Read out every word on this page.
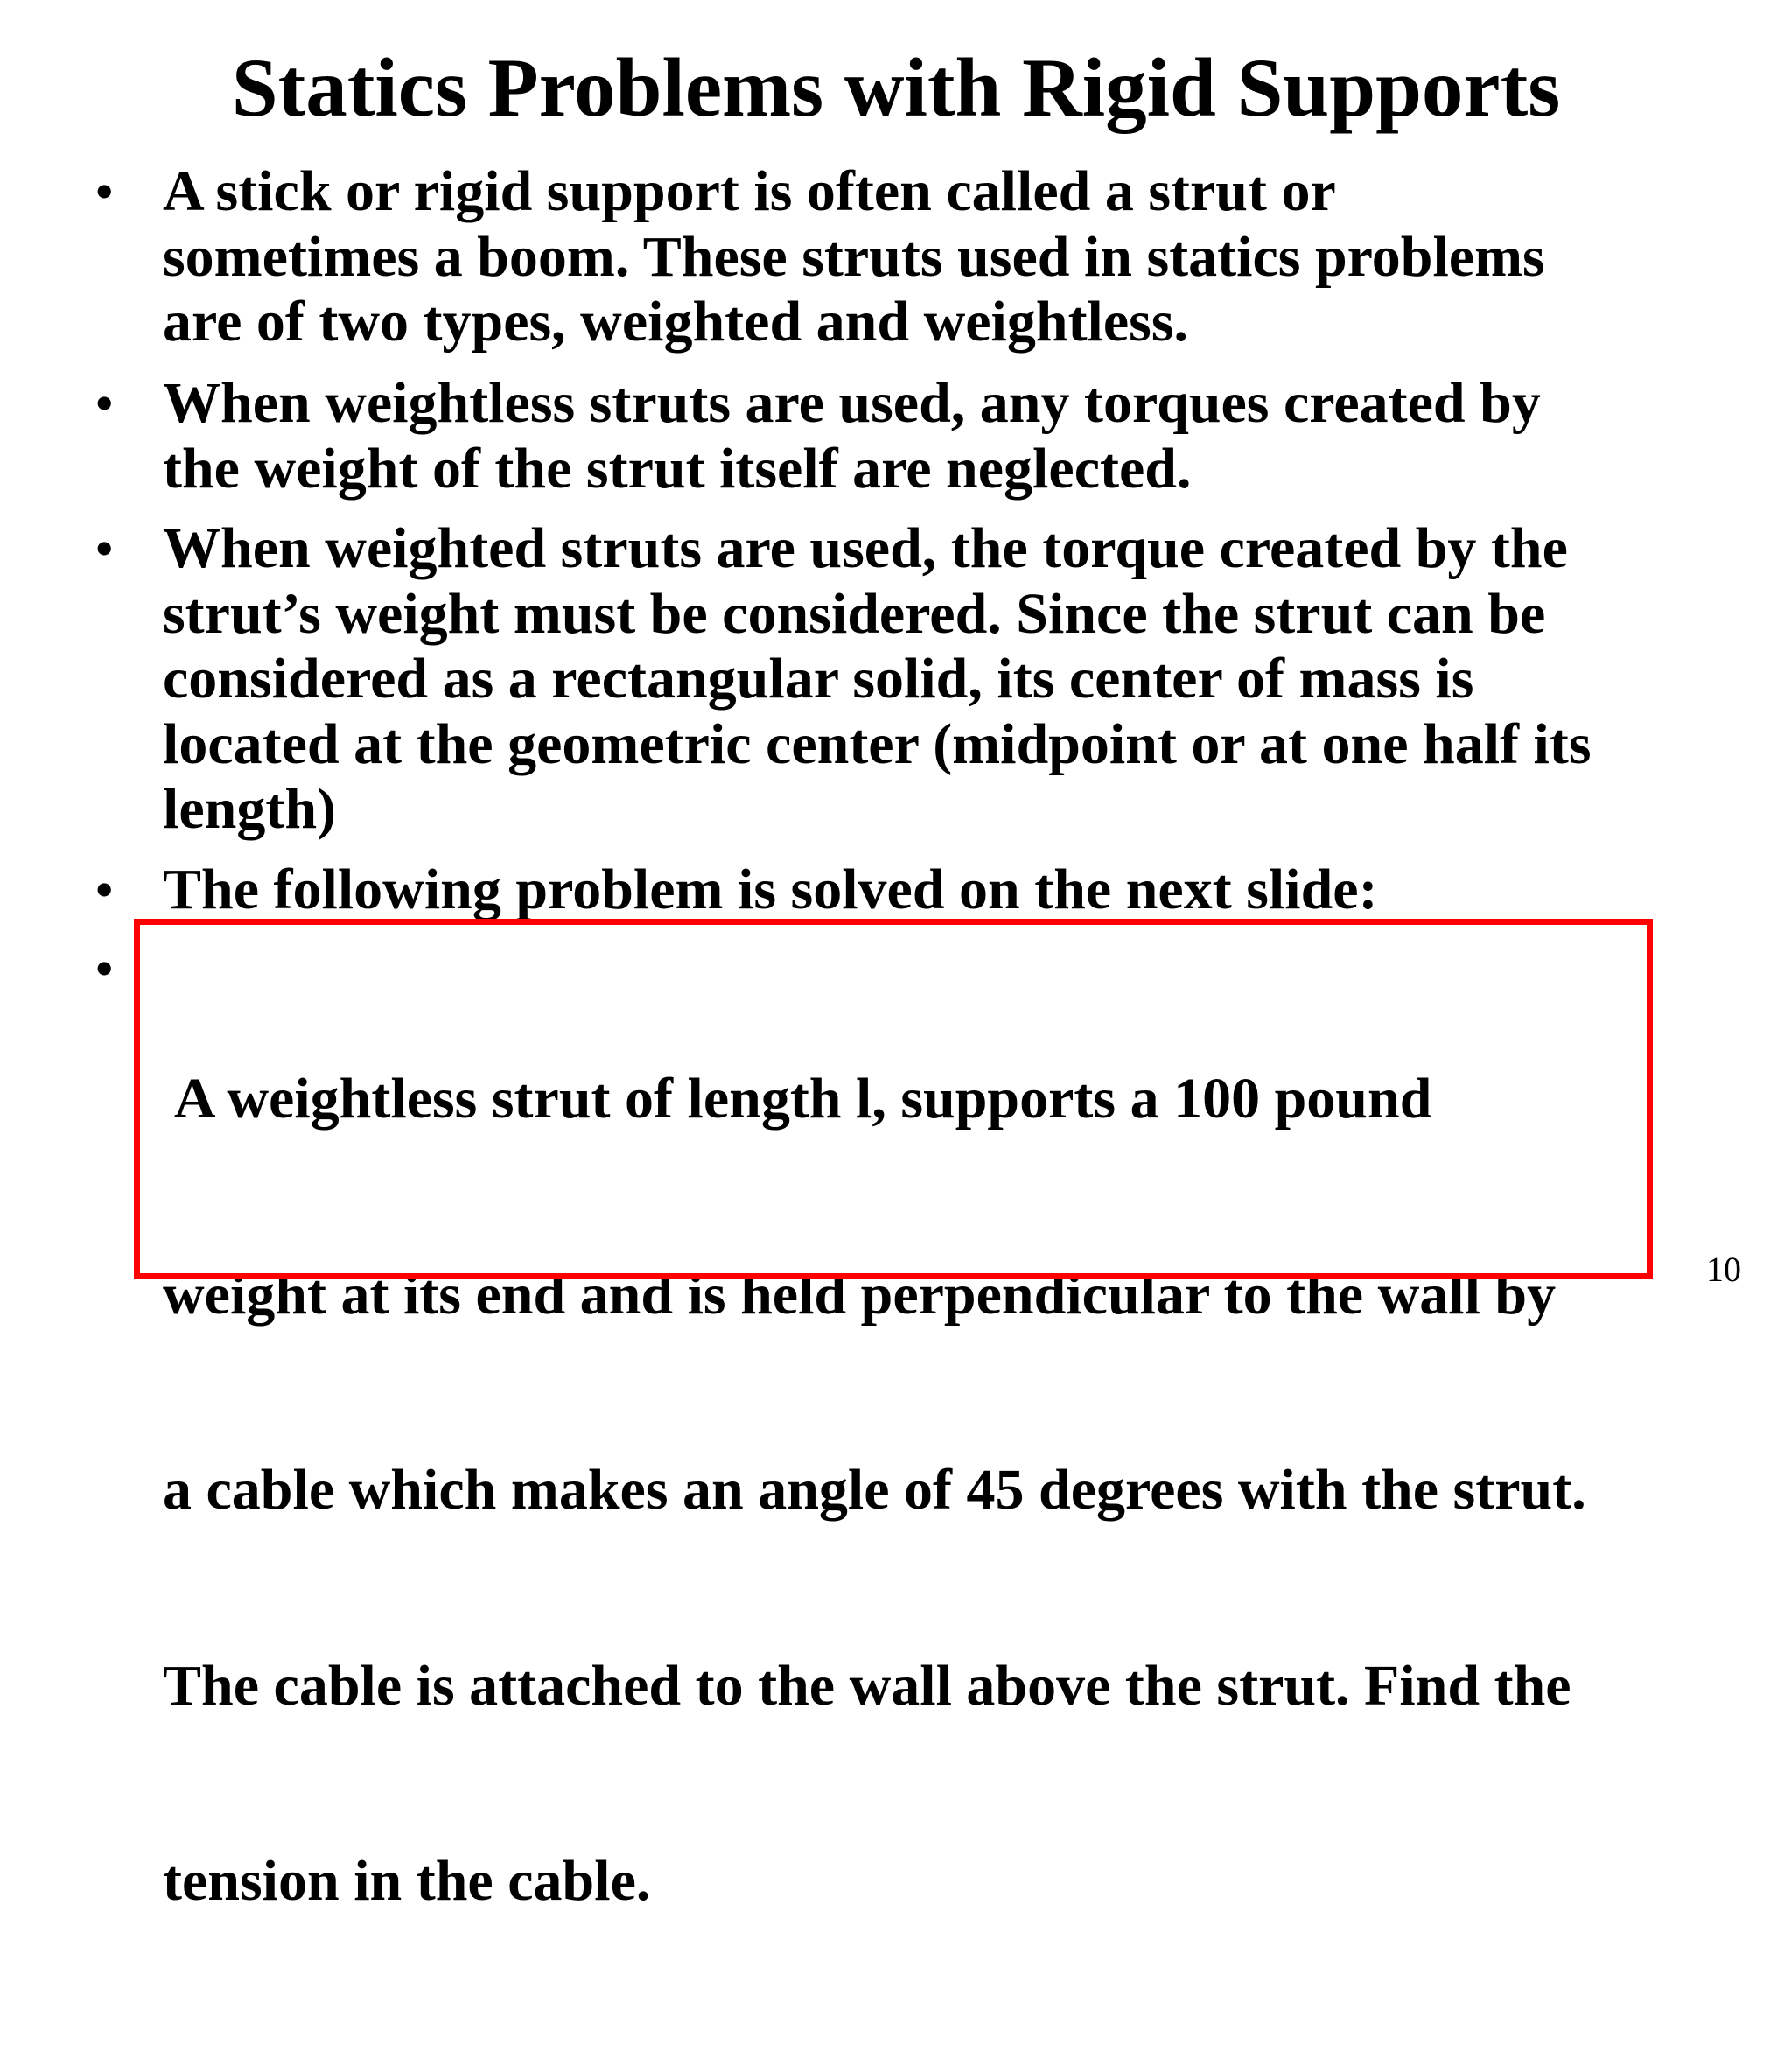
Statics Problems with Rigid Supports
• A stick or rigid support is often called a strut or
sometimes a boom. These struts used in statics problems
are of two types, weighted and weightless.
• When weightless struts are used, any torques created by
the weight of the strut itself are neglected.
• When weighted struts are used, the torque created by the
strut’s weight must be considered. Since the strut can be
considered as a rectangular solid, its center of mass is
located at the geometric center (midpoint or at one half its
length)
• The following problem is solved on the next slide:
•

A weightless strut of length l, supports a 100 pound

weight at its end and is held perpendicular to the wall by

a cable which makes an angle of 45 degrees with the strut.

The cable is attached to the wall above the strut. Find the

tension in the cable.

10
